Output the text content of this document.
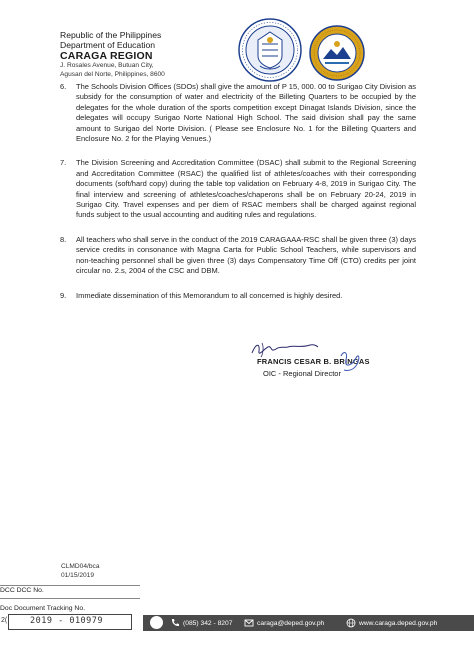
Republic of the Philippines
Department of Education
CARAGA REGION
J. Rosales Avenue, Butuan City,
Agusan del Norte, Philippines, 8600
6.	The Schools Division Offices (SDOs) shall give the amount of P 15, 000. 00 to Surigao City Division as subsidy for the consumption of water and electricity of the Billeting Quarters to be occupied by the delegates for the whole duration of the sports competition except Dinagat Islands Division, since the delegates will occupy Surigao Norte National High School. The said division shall pay the same amount to Surigao del Norte Division. ( Please see Enclosure No. 1 for the Billeting Quarters and Enclosure No. 2 for the Playing Venues.)
7.	The Division Screening and Accreditation Committee (DSAC) shall submit to the Regional Screening and Accreditation Committee (RSAC) the qualified list of athletes/coaches with their corresponding documents (soft/hard copy) during the table top validation on February 4-8, 2019 in Surigao City. The final interview and screening of athletes/coaches/chaperons shall be on February 20-24, 2019 in Surigao City. Travel expenses and per diem of RSAC members shall be charged against regional funds subject to the usual accounting and auditing rules and regulations.
8.	All teachers who shall serve in the conduct of the 2019 CARAGAAA-RSC shall be given three (3) days service credits in consonance with Magna Carta for Public School Teachers, while supervisors and non-teaching personnel shall be given three (3) days Compensatory Time Off (CTO) credits per joint circular no. 2.s, 2004 of the CSC and DBM.
9.	Immediate dissemination of this Memorandum to all concerned is highly desired.
FRANCIS CESAR B. BRINGAS
OIC - Regional Director
CLMD04/bca
01/15/2019
DCC DCC No.
Doc Document Tracking No.
2(	2019 - 010979	(085) 342 - 8207	caraga@deped.gov.ph	www.caraga.deped.gov.ph
